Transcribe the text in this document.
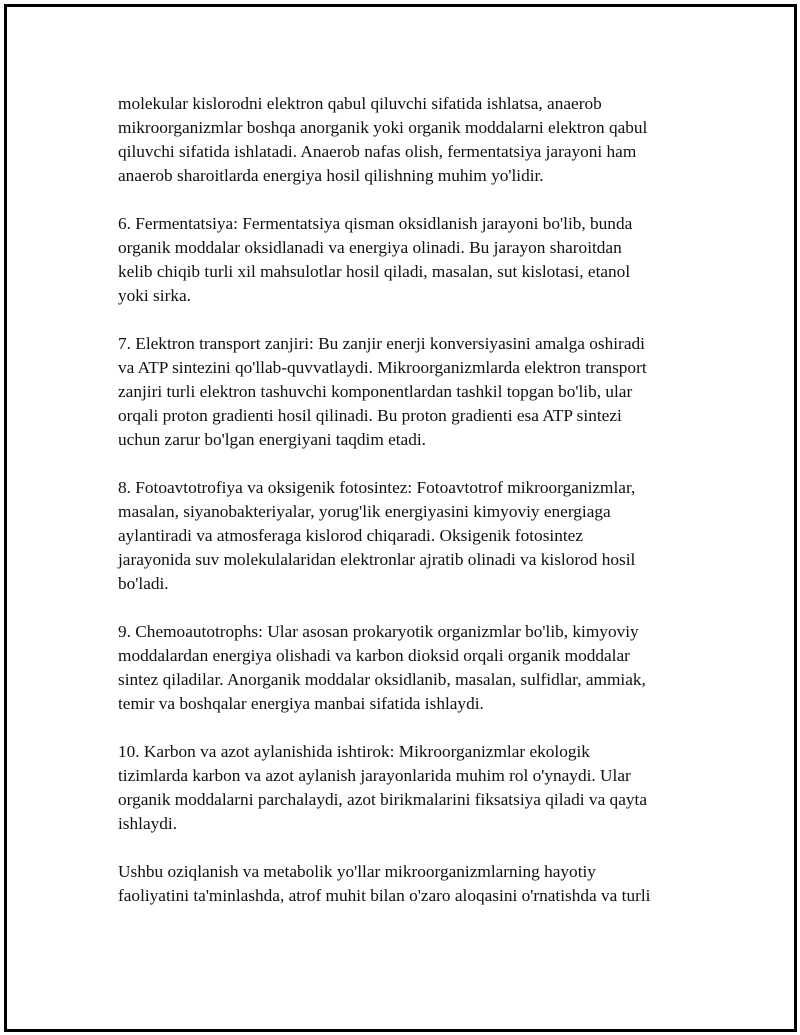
molekular kislorodni elektron qabul qiluvchi sifatida ishlatsa, anaerob
mikroorganizmlar boshqa anorganik yoki organik moddalarni elektron qabul
qiluvchi sifatida ishlatadi. Anaerob nafas olish, fermentatsiya jarayoni ham
anaerob sharoitlarda energiya hosil qilishning muhim yo'lidir.

6. Fermentatsiya: Fermentatsiya qisman oksidlanish jarayoni bo'lib, bunda
organik moddalar oksidlanadi va energiya olinadi. Bu jarayon sharoitdan
kelib chiqib turli xil mahsulotlar hosil qiladi, masalan, sut kislotasi, etanol
yoki sirka.

7. Elektron transport zanjiri: Bu zanjir enerji konversiyasini amalga oshiradi
va ATP sintezini qo'llab-quvvatlaydi. Mikroorganizmlarda elektron transport
zanjiri turli elektron tashuvchi komponentlardan tashkil topgan bo'lib, ular
orqali proton gradienti hosil qilinadi. Bu proton gradienti esa ATP sintezi
uchun zarur bo'lgan energiyani taqdim etadi.

8. Fotoavtotrofiya va oksigenik fotosintez: Fotoavtotrof mikroorganizmlar,
masalan, siyanobakteriyalar, yorug'lik energiyasini kimyoviy energiaga
aylantiradi va atmosferaga kislorod chiqaradi. Oksigenik fotosintez
jarayonida suv molekulalaridan elektronlar ajratib olinadi va kislorod hosil
bo'ladi.

9. Chemoautotrophs: Ular asosan prokaryotik organizmlar bo'lib, kimyoviy
moddalardan energiya olishadi va karbon dioksid orqali organik moddalar
sintez qiladilar. Anorganik moddalar oksidlanib, masalan, sulfidlar, ammiak,
temir va boshqalar energiya manbai sifatida ishlaydi.

10. Karbon va azot aylanishida ishtirok: Mikroorganizmlar ekologik
tizimlarda karbon va azot aylanish jarayonlarida muhim rol o'ynaydi. Ular
organik moddalarni parchalaydi, azot birikmalarini fiksatsiya qiladi va qayta
ishlaydi.

Ushbu oziqlanish va metabolik yo'llar mikroorganizmlarning hayotiy
faoliyatini ta'minlashda, atrof muhit bilan o'zaro aloqasini o'rnatishda va turli
